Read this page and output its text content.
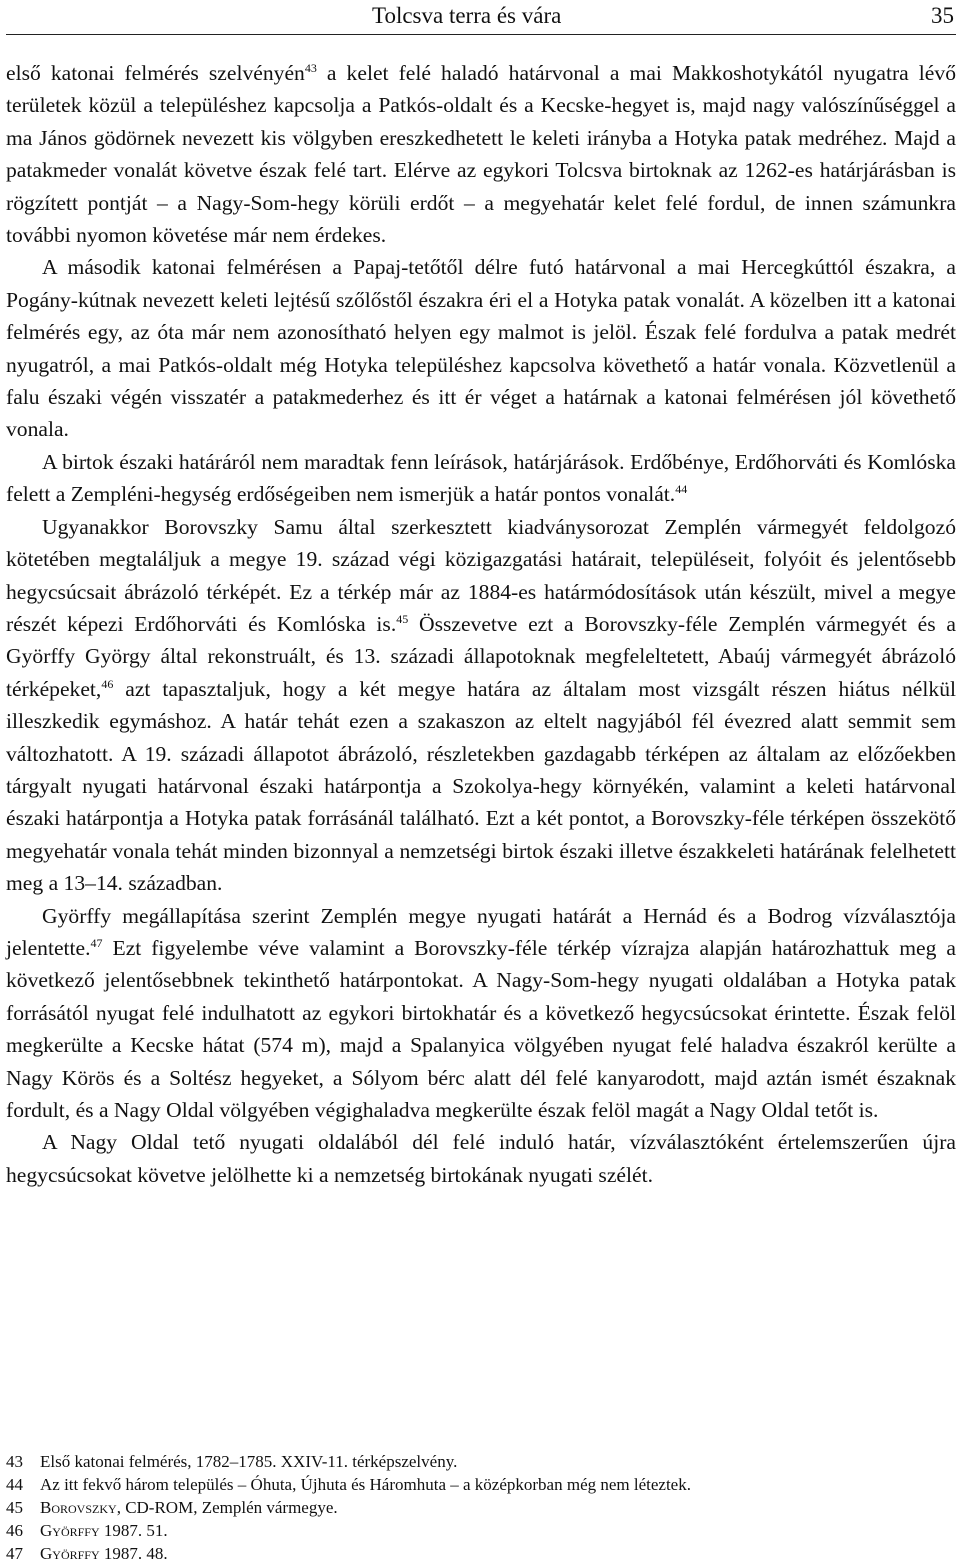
Tolcsva terra és vára	35

első katonai felmérés szelvényén$^{43}$ a kelet felé haladó határvonal a mai Makkoshotykától nyugatra lévő területek közül a településhez kapcsolja a Patkós-oldalt és a Kecske-hegyet is, majd nagy valószínűséggel a ma János gödörnek nevezett kis völgyben ereszkedhetett le keleti irányba a Hotyka patak medréhez. Majd a patakmeder vonalát követve észak felé tart. Elérve az egykori Tolcsva birtoknak az 1262-es határjárásban is rögzített pontját – a Nagy-Som-hegy körüli erdőt – a megyehatár kelet felé fordul, de innen számunkra további nyomon követése már nem érdekes.

A második katonai felmérésen a Papaj-tetőtől délre futó határvonal a mai Hercegkúttól északra, a Pogány-kútnak nevezett keleti lejtésű szőlőstől északra éri el a Hotyka patak vonalát. A közelben itt a katonai felmérés egy, az óta már nem azonosítható helyen egy malmot is jelöl. Észak felé fordulva a patak medrét nyugatról, a mai Patkós-oldalt még Hotyka településhez kapcsolva követhető a határ vonala. Közvetlenül a falu északi végén visszatér a patakmederhez és itt ér véget a határnak a katonai felmérésen jól követhető vonala.

A birtok északi határáról nem maradtak fenn leírások, határjárások. Erdőbénye, Erdőhorváti és Komlóska felett a Zempléni-hegység erdőségeiben nem ismerjük a határ pontos vonalát.$^{44}$

Ugyanakkor Borovszky Samu által szerkesztett kiadványsorozat Zemplén vármegyét feldolgozó kötetében megtaláljuk a megye 19. század végi közigazgatási határait, településeit, folyóit és jelentősebb hegycsúcsait ábrázoló térképét. Ez a térkép már az 1884-es határmódosítások után készült, mivel a megye részét képezi Erdőhorváti és Komlóska is.$^{45}$ Összevetve ezt a Borovszky-féle Zemplén vármegyét és a Györffy György által rekonstruált, és 13. századi állapotoknak megfeleltetett, Abaúj vármegyét ábrázoló térképeket,$^{46}$ azt tapasztaljuk, hogy a két megye határa az általam most vizsgált részen hiátus nélkül illeszkedik egymáshoz. A határ tehát ezen a szakaszon az eltelt nagyjából fél évezred alatt semmit sem változhatott. A 19. századi állapotot ábrázoló, részletekben gazdagabb térképen az általam az előzőekben tárgyalt nyugati határvonal északi határpontja a Szokolya-hegy környékén, valamint a keleti határvonal északi határpontja a Hotyka patak forrásánál található. Ezt a két pontot, a Borovszky-féle térképen összekötő megyehatár vonala tehát minden bizonnyal a nemzetségi birtok északi illetve északkeleti határának felelhetett meg a 13–14. században.

Györffy megállapítása szerint Zemplén megye nyugati határát a Hernád és a Bodrog vízválasztója jelentette.$^{47}$ Ezt figyelembe véve valamint a Borovszky-féle térkép vízrajza alapján határozhattuk meg a következő jelentősebbnek tekinthető határpontokat. A Nagy-Som-hegy nyugati oldalában a Hotyka patak forrásától nyugat felé indulhatott az egykori birtokhatár és a következő hegycsúcsokat érintette. Észak felöl megkerülte a Kecske hátat (574 m), majd a Spalanyica völgyében nyugat felé haladva északról kerülte a Nagy Körös és a Soltész hegyeket, a Sólyom bérc alatt dél felé kanyarodott, majd aztán ismét északnak fordult, és a Nagy Oldal völgyében végighaladva megkerülte észak felöl magát a Nagy Oldal tetőt is.

A Nagy Oldal tető nyugati oldalából dél felé induló határ, vízválasztóként értelemszerűen újra hegycsúcsokat követve jelölhette ki a nemzetség birtokának nyugati szélét.

43 Első katonai felmérés, 1782–1785. XXIV-11. térképszelvény.
44 Az itt fekvő három település – Óhuta, Újhuta és Háromhuta – a középkorban még nem léteztek.
45 Borovszky, CD-ROM, Zemplén vármegye.
46 Györffy 1987. 51.
47 Györffy 1987. 48.
